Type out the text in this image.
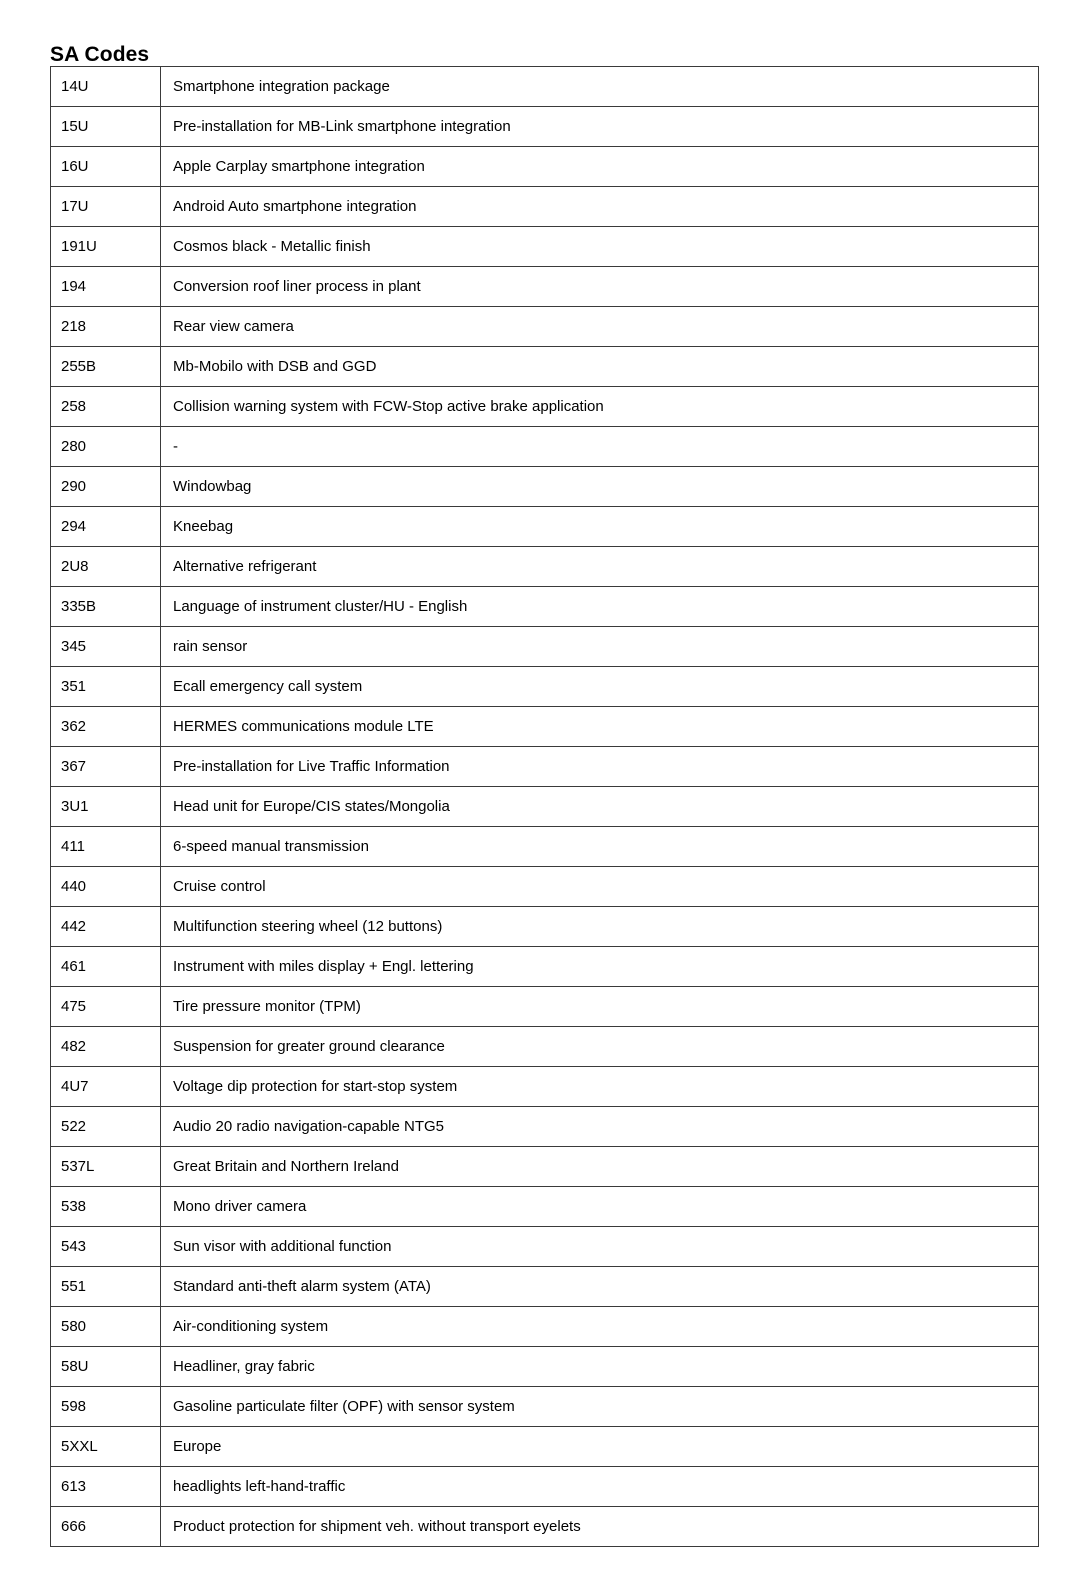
SA Codes
14U	Smartphone integration package
15U	Pre-installation for MB-Link smartphone integration
16U	Apple Carplay smartphone integration
17U	Android Auto smartphone integration
191U	Cosmos black - Metallic finish
194	Conversion roof liner process in plant
218	Rear view camera
255B	Mb-Mobilo with DSB and GGD
258	Collision warning system with FCW-Stop active brake application
280	-
290	Windowbag
294	Kneebag
2U8	Alternative refrigerant
335B	Language of instrument cluster/HU - English
345	rain sensor
351	Ecall emergency call system
362	HERMES communications module LTE
367	Pre-installation for Live Traffic Information
3U1	Head unit for Europe/CIS states/Mongolia
411	6-speed manual transmission
440	Cruise control
442	Multifunction steering wheel (12 buttons)
461	Instrument with miles display + Engl. lettering
475	Tire pressure monitor (TPM)
482	Suspension for greater ground clearance
4U7	Voltage dip protection for start-stop system
522	Audio 20 radio navigation-capable NTG5
537L	Great Britain and Northern Ireland
538	Mono driver camera
543	Sun visor with additional function
551	Standard anti-theft alarm system (ATA)
580	Air-conditioning system
58U	Headliner, gray fabric
598	Gasoline particulate filter (OPF) with sensor system
5XXL	Europe
613	headlights left-hand-traffic
666	Product protection for shipment veh. without transport eyelets
